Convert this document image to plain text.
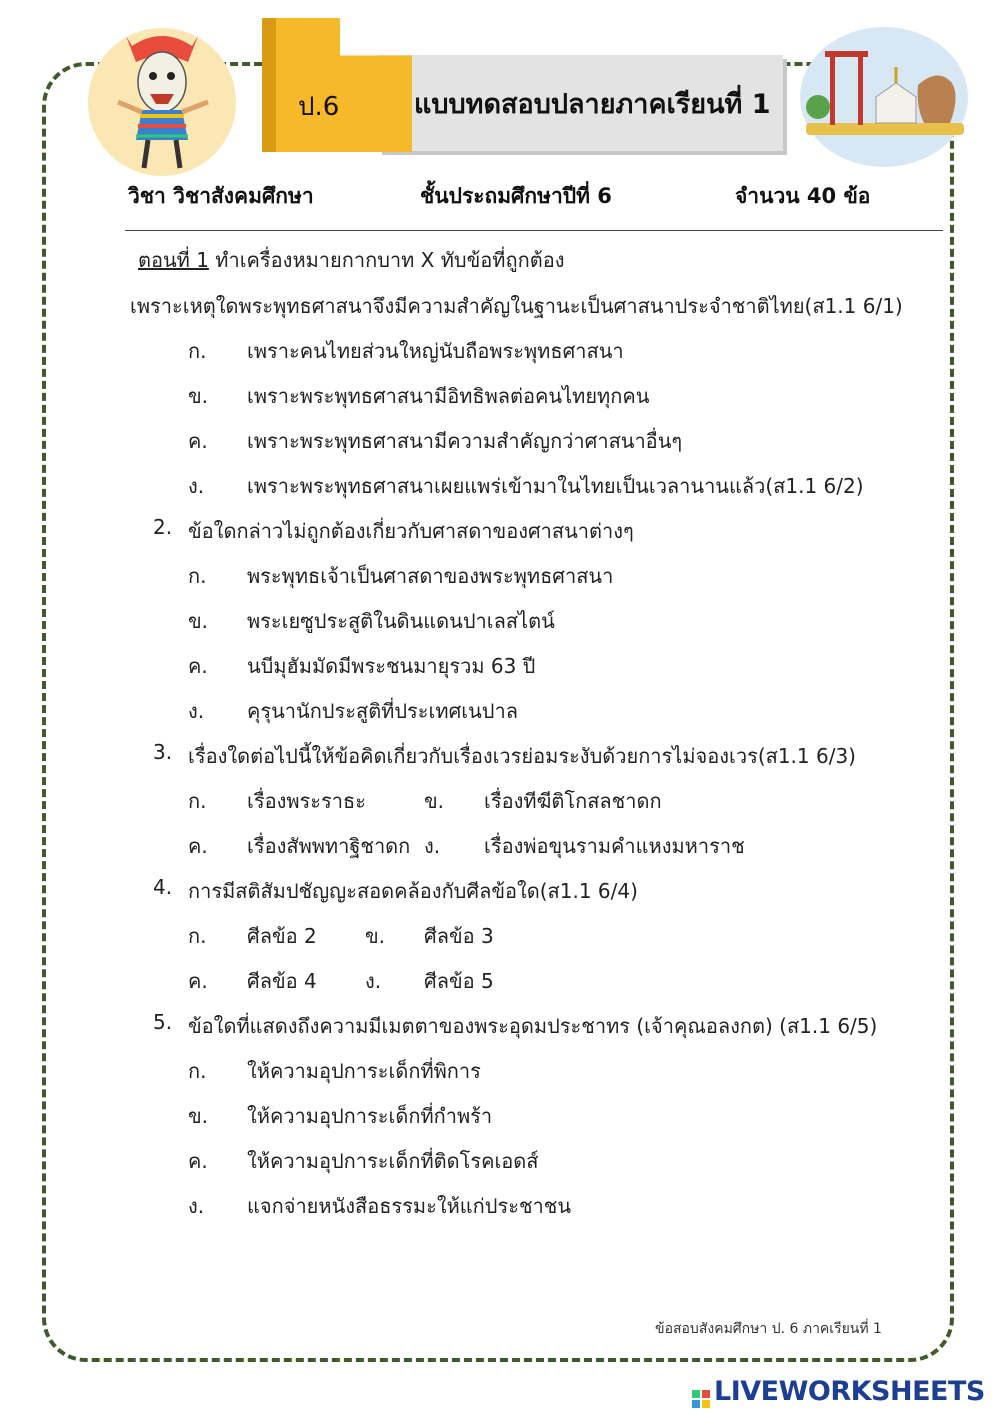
ป.6	แบบทดสอบปลายภาคเรียนที่ 1
วิชา วิชาสังคมศึกษา	ชั้นประถมศึกษาปีที่ 6	จำนวน 40 ข้อ
ตอนที่ 1 ทำเครื่องหมายกากบาท X ทับข้อที่ถูกต้อง
เพราะเหตุใดพระพุทธศาสนาจึงมีความสำคัญในฐานะเป็นศาสนาประจำชาติไทย(ส1.1 6/1)
ก. เพราะคนไทยส่วนใหญ่นับถือพระพุทธศาสนา
ข. เพราะพระพุทธศาสนามีอิทธิพลต่อคนไทยทุกคน
ค. เพราะพระพุทธศาสนามีความสำคัญกว่าศาสนาอื่นๆ
ง. เพราะพระพุทธศาสนาเผยแพร่เข้ามาในไทยเป็นเวลานานแล้ว(ส1.1 6/2)
2. ข้อใดกล่าวไม่ถูกต้องเกี่ยวกับศาสดาของศาสนาต่างๆ
ก. พระพุทธเจ้าเป็นศาสดาของพระพุทธศาสนา
ข. พระเยซูประสูติในดินแดนปาเลสไตน์
ค. นบีมุฮัมมัดมีพระชนมายุรวม 63 ปี
ง. คุรุนานักประสูติที่ประเทศเนปาล
3. เรื่องใดต่อไปนี้ให้ข้อคิดเกี่ยวกับเรื่องเวรย่อมระงับด้วยการไม่จองเวร(ส1.1 6/3)
ก. เรื่องพระราธะ	ข. เรื่องทีฆีติโกสลชาดก
ค. เรื่องสัพพทาฐิชาดก ง. เรื่องพ่อขุนรามคำแหงมหาราช
4. การมีสติสัมปชัญญะสอดคล้องกับศีลข้อใด(ส1.1 6/4)
ก. ศีลข้อ 2 ข. ศีลข้อ 3
ค. ศีลข้อ 4 ง. ศีลข้อ 5
5. ข้อใดที่แสดงถึงความมีเมตตาของพระอุดมประชาทร (เจ้าคุณอลงกต) (ส1.1 6/5)
ก. ให้ความอุปการะเด็กที่พิการ
ข. ให้ความอุปการะเด็กที่กำพร้า
ค. ให้ความอุปการะเด็กที่ติดโรคเอดส์
ง. แจกจ่ายหนังสือธรรมะให้แก่ประชาชน
ข้อสอบสังคมศึกษา ป. 6 ภาคเรียนที่ 1
LIVEWORKSHEETS
